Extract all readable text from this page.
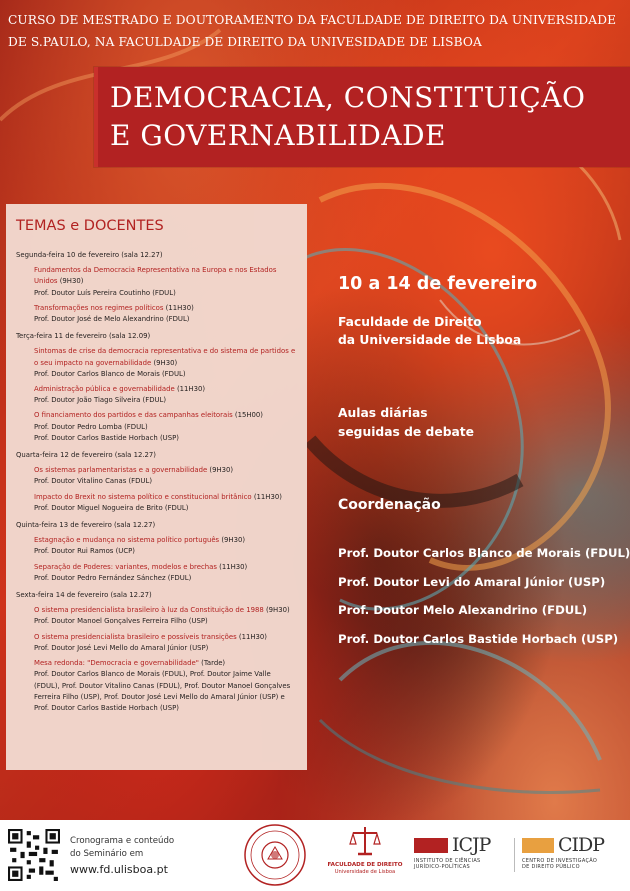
CURSO DE MESTRADO E DOUTORAMENTO DA FACULDADE DE DIREITO DA UNIVERSIDADE
DE S.PAULO, NA FACULDADE DE DIREITO DA UNIVESIDADE DE LISBOA
DEMOCRACIA, CONSTITUIÇÃO
E GOVERNABILIDADE
TEMAS e DOCENTES
Segunda-feira 10 de fevereiro (sala 12.27)
Fundamentos da Democracia Representativa na Europa e nos Estados Unidos (9H30)
Prof. Doutor Luís Pereira Coutinho (FDUL)
Transformações nos regimes políticos (11H30)
Prof. Doutor José de Melo Alexandrino (FDUL)
Terça-feira 11 de fevereiro (sala 12.09)
Sintomas de crise da democracia representativa e do sistema de partidos e o seu impacto na governabilidade (9H30)
Prof. Doutor Carlos Blanco de Morais (FDUL)
Administração pública e governabilidade (11H30)
Prof. Doutor João Tiago Silveira (FDUL)
O financiamento dos partidos e das campanhas eleitorais (15H00)
Prof. Doutor Pedro Lomba (FDUL)
Prof. Doutor Carlos Bastide Horbach (USP)
Quarta-feira 12 de fevereiro (sala 12.27)
Os sistemas parlamentaristas e a governabilidade (9H30)
Prof. Doutor Vitalino Canas (FDUL)
Impacto do Brexit no sistema político e constitucional britânico (11H30)
Prof. Doutor Miguel Nogueira de Brito (FDUL)
Quinta-feira 13 de fevereiro (sala 12.27)
Estagnação e mudança no sistema político português (9H30)
Prof. Doutor Rui Ramos (UCP)
Separação de Poderes: variantes, modelos e brechas (11H30)
Prof. Doutor Pedro Fernández Sánchez (FDUL)
Sexta-feira 14 de fevereiro (sala 12.27)
O sistema presidencialista brasileiro à luz da Constituição de 1988 (9H30)
Prof. Doutor Manoel Gonçalves Ferreira Filho (USP)
O sistema presidencialista brasileiro e possíveis transições (11H30)
Prof. Doutor José Levi Mello do Amaral Júnior (USP)
Mesa redonda: "Democracia e governabilidade" (Tarde)
Prof. Doutor Carlos Blanco de Morais (FDUL), Prof. Doutor Jaime Valle (FDUL), Prof. Doutor Vitalino Canas (FDUL), Prof. Doutor Manoel Gonçalves Ferreira Filho (USP), Prof. Doutor José Levi Mello do Amaral Júnior (USP) e Prof. Doutor Carlos Bastide Horbach (USP)
10 a 14 de fevereiro
Faculdade de Direito
da Universidade de Lisboa
Aulas diárias
seguidas de debate
Coordenação
Prof. Doutor Carlos Blanco de Morais (FDUL)
Prof. Doutor Levi do Amaral Júnior (USP)
Prof. Doutor Melo Alexandrino (FDUL)
Prof. Doutor Carlos Bastide Horbach (USP)
Cronograma e conteúdo
do Seminário em
www.fd.ulisboa.pt	FACULDADE DE DIREITO
Universidade de Lisboa
ICJP
INSTITUTO DE CIÊNCIAS
JURÍDICO-POLÍTICAS
CIDP
CENTRO DE INVESTIGAÇÃO
DE DIREITO PÚBLICO
